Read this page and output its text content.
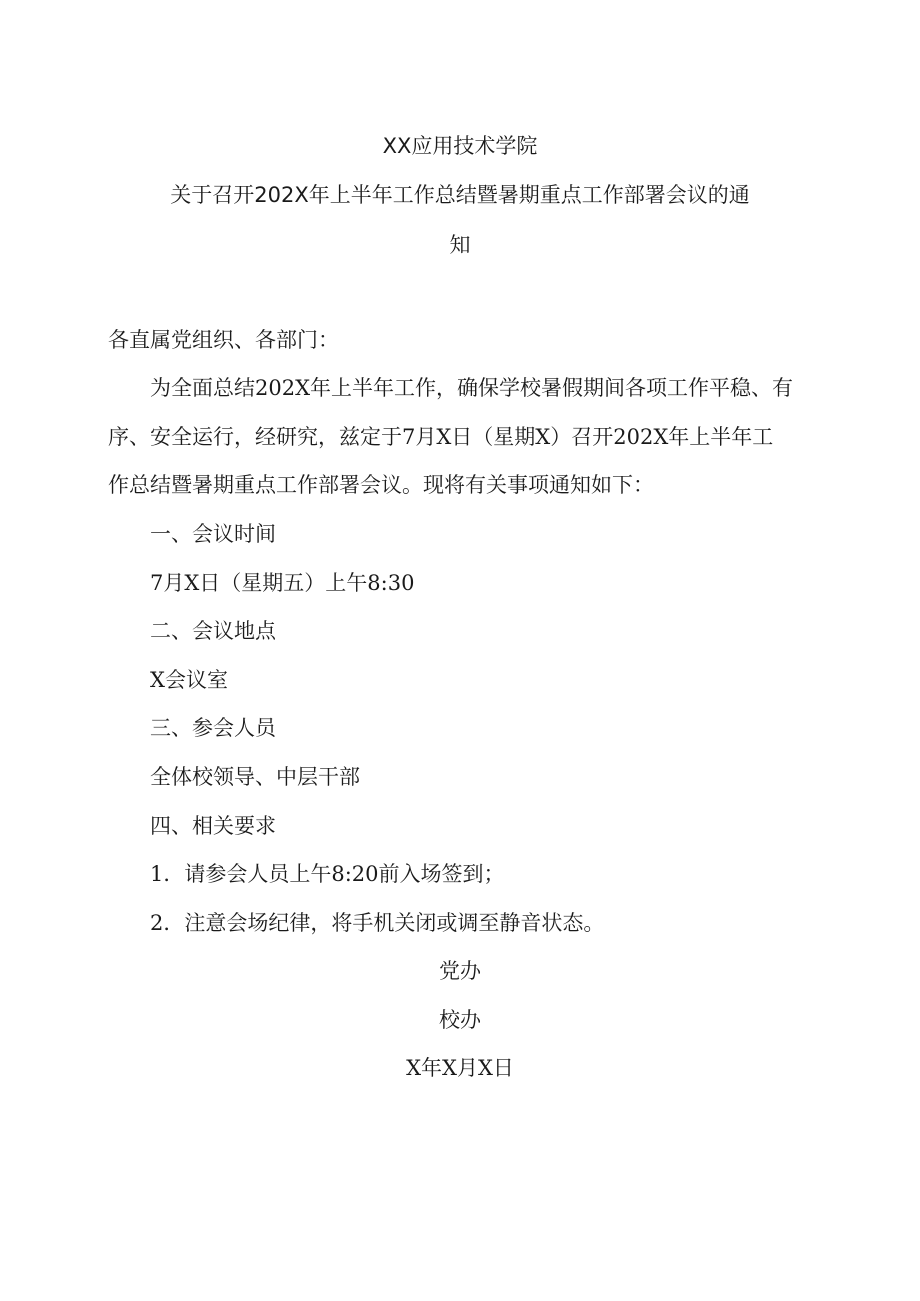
XX应用技术学院
关于召开202X年上半年工作总结暨暑期重点工作部署会议的通
知
各直属党组织、各部门：
为全面总结202X年上半年工作，确保学校暑假期间各项工作平稳、有
序、安全运行，经研究，兹定于7月X日（星期X）召开202X年上半年工
作总结暨暑期重点工作部署会议。现将有关事项通知如下：
一、会议时间
7月X日（星期五）上午8:30
二、会议地点
X会议室
三、参会人员
全体校领导、中层干部
四、相关要求
1．请参会人员上午8:20前入场签到；
2．注意会场纪律，将手机关闭或调至静音状态。
党办
校办
X年X月X日
